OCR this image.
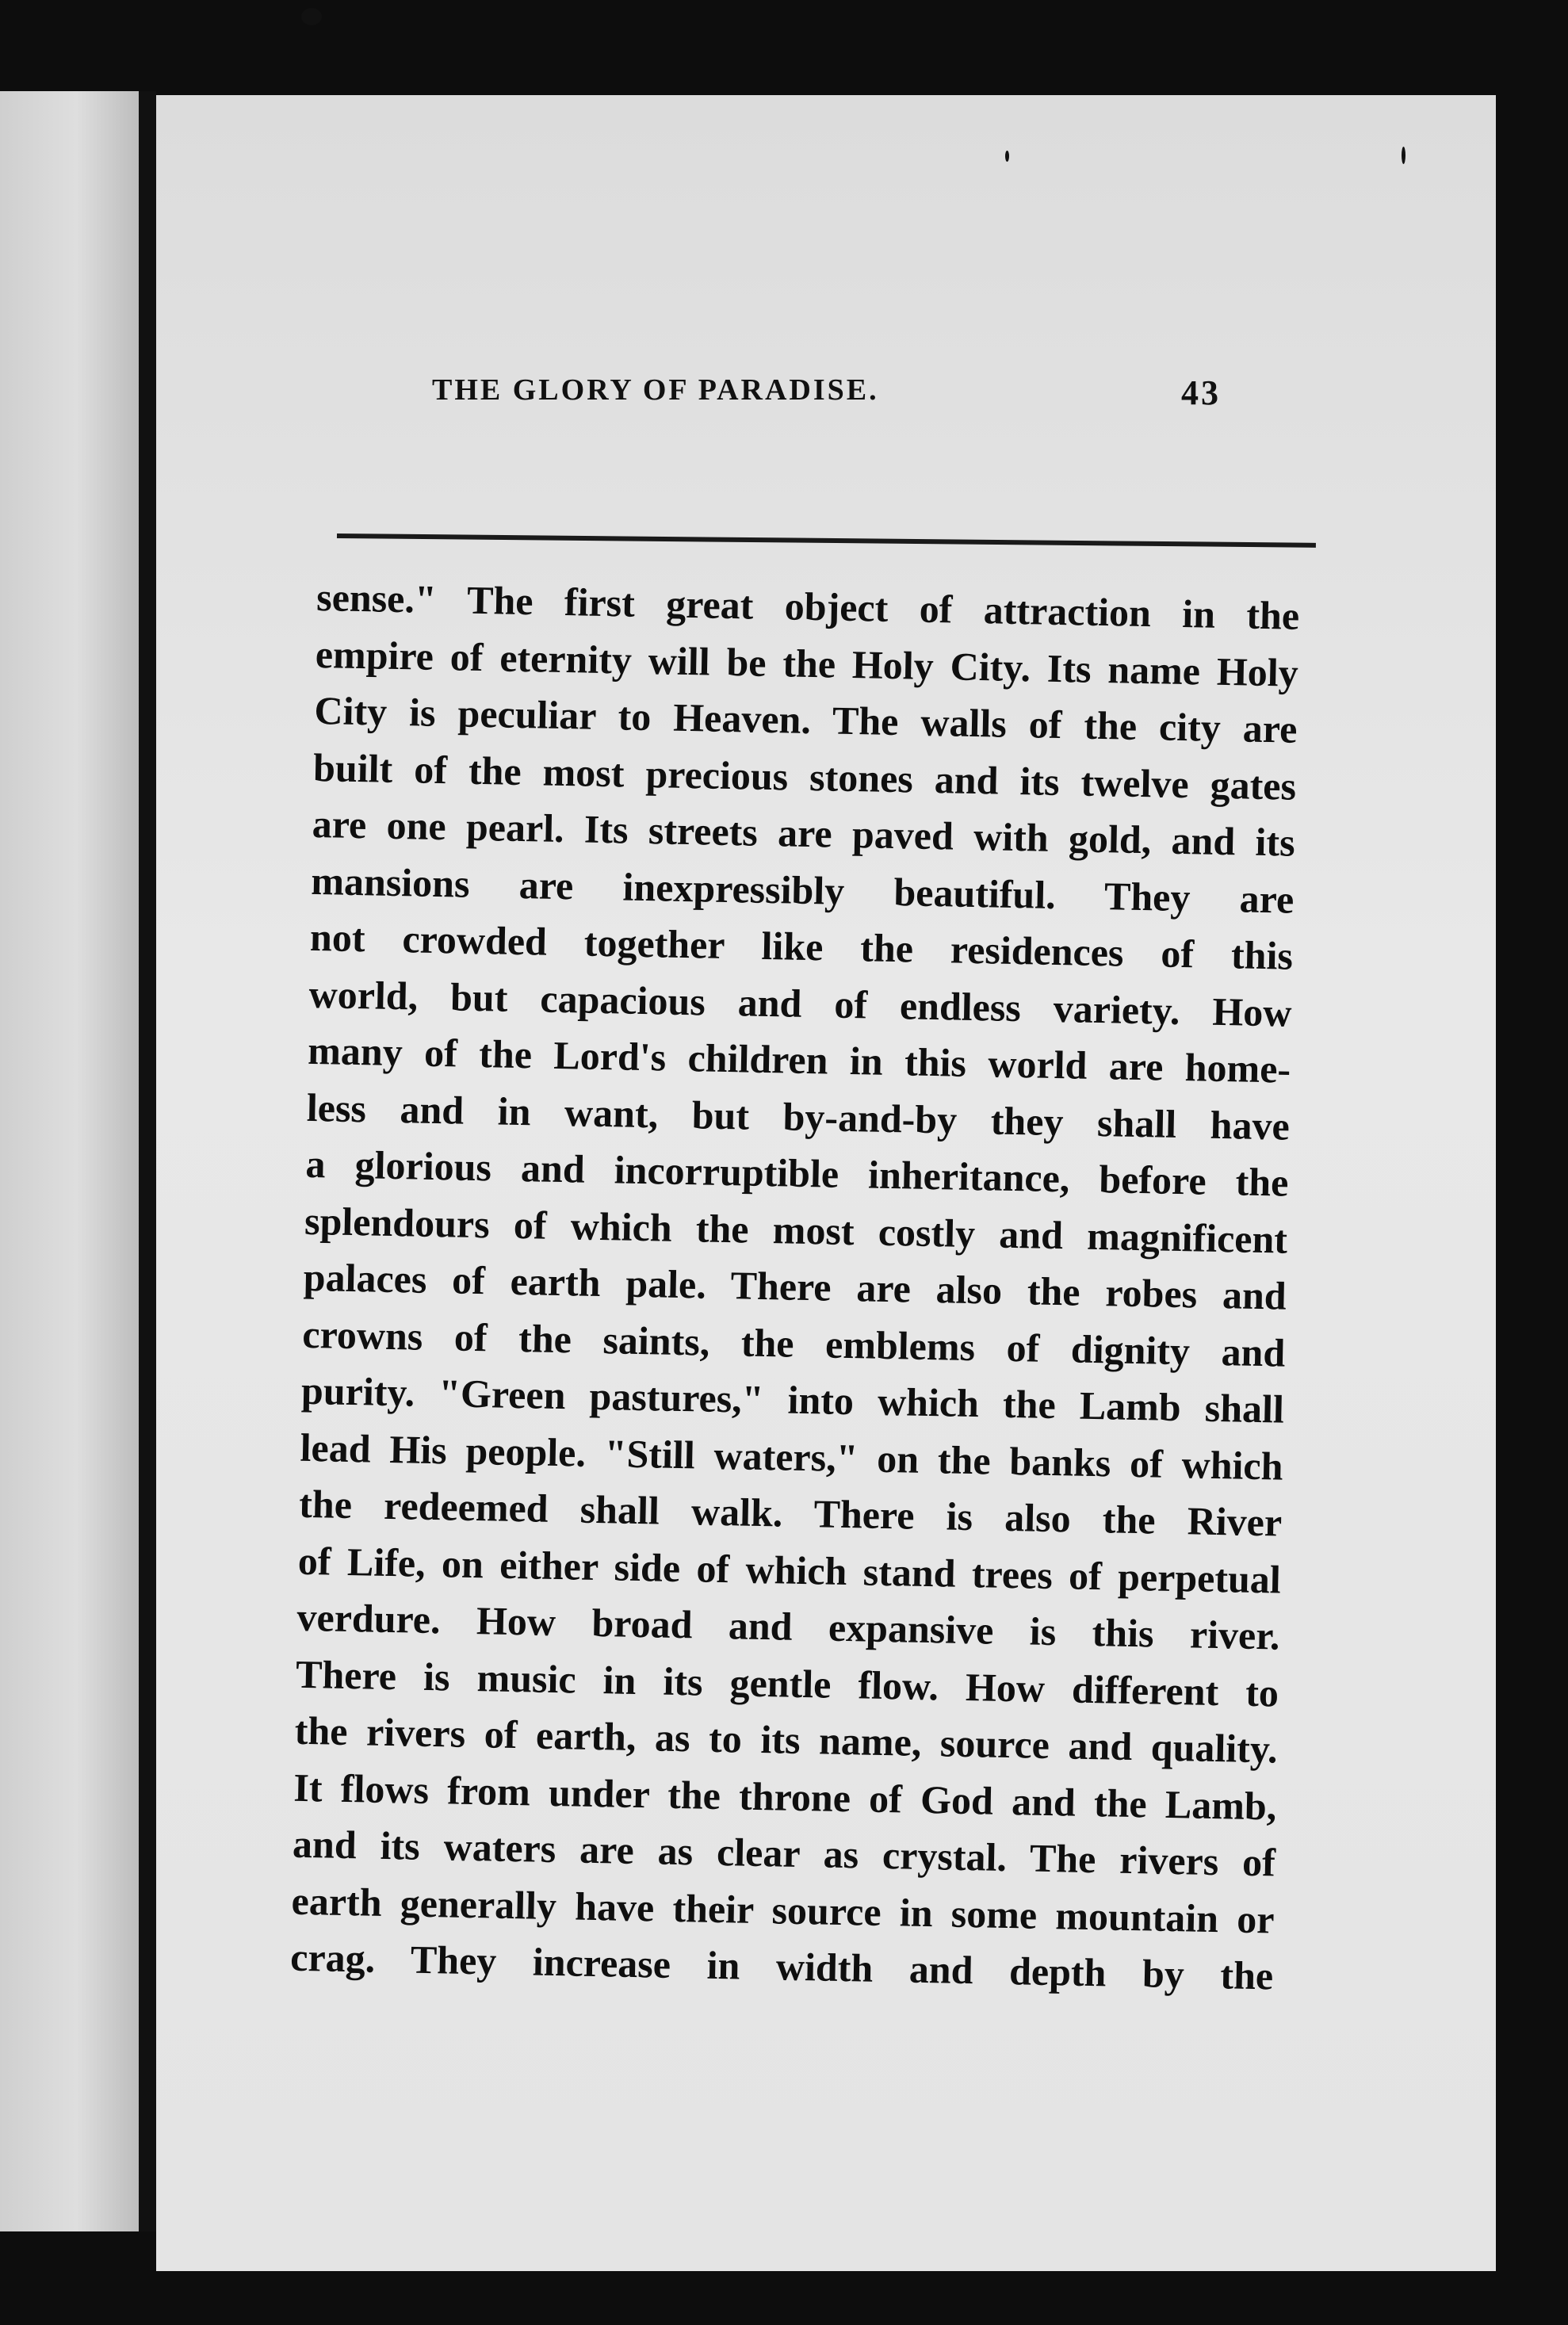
THE GLORY OF PARADISE.	43
sense." The first great object of attraction in the
empire of eternity will be the Holy City. Its name Holy
City is peculiar to Heaven. The walls of the city are
built of the most precious stones and its twelve gates
are one pearl. Its streets are paved with gold, and its
mansions are inexpressibly beautiful. They are
not crowded together like the residences of this
world, but capacious and of endless variety. How
many of the Lord's children in this world are home-
less and in want, but by-and-by they shall have
a glorious and incorruptible inheritance, before the
splendours of which the most costly and magnificent
palaces of earth pale. There are also the robes and
crowns of the saints, the emblems of dignity and
purity. "Green pastures," into which the Lamb shall
lead His people. "Still waters," on the banks of which
the redeemed shall walk. There is also the River
of Life, on either side of which stand trees of perpetual
verdure. How broad and expansive is this river.
There is music in its gentle flow. How different to
the rivers of earth, as to its name, source and quality.
It flows from under the throne of God and the Lamb,
and its waters are as clear as crystal. The rivers of
earth generally have their source in some mountain or
crag. They increase in width and depth by the
